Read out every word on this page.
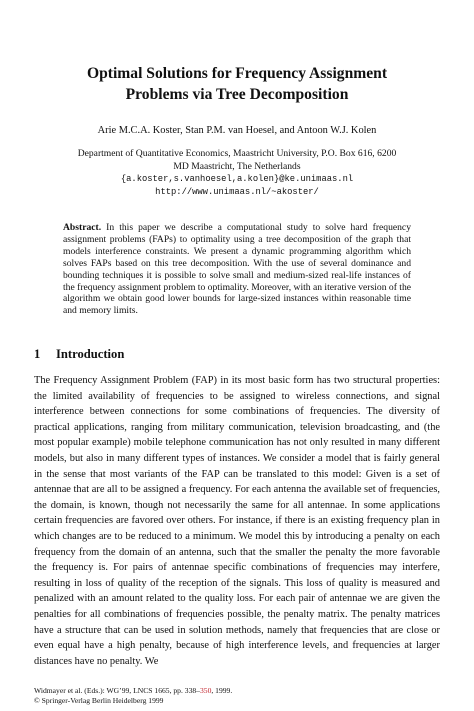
Optimal Solutions for Frequency Assignment
Problems via Tree Decomposition
Arie M.C.A. Koster, Stan P.M. van Hoesel, and Antoon W.J. Kolen
Department of Quantitative Economics, Maastricht University, P.O. Box 616, 6200
MD Maastricht, The Netherlands
{a.koster,s.vanhoesel,a.kolen}@ke.unimaas.nl
http://www.unimaas.nl/~akoster/
Abstract. In this paper we describe a computational study to solve hard frequency assignment problems (FAPs) to optimality using a tree decomposition of the graph that models interference constraints. We present a dynamic programming algorithm which solves FAPs based on this tree decomposition. With the use of several dominance and bounding techniques it is possible to solve small and medium-sized real-life instances of the frequency assignment problem to optimality. Moreover, with an iterative version of the algorithm we obtain good lower bounds for large-sized instances within reasonable time and memory limits.
1 Introduction
The Frequency Assignment Problem (FAP) in its most basic form has two structural properties: the limited availability of frequencies to be assigned to wireless connections, and signal interference between connections for some combinations of frequencies. The diversity of practical applications, ranging from military communication, television broadcasting, and (the most popular example) mobile telephone communication has not only resulted in many different models, but also in many different types of instances. We consider a model that is fairly general in the sense that most variants of the FAP can be translated to this model: Given is a set of antennae that are all to be assigned a frequency. For each antenna the available set of frequencies, the domain, is known, though not necessarily the same for all antennae. In some applications certain frequencies are favored over others. For instance, if there is an existing frequency plan in which changes are to be reduced to a minimum. We model this by introducing a penalty on each frequency from the domain of an antenna, such that the smaller the penalty the more favorable the frequency is. For pairs of antennae specific combinations of frequencies may interfere, resulting in loss of quality of the reception of the signals. This loss of quality is measured and penalized with an amount related to the quality loss. For each pair of antennae we are given the penalties for all combinations of frequencies possible, the penalty matrix. The penalty matrices have a structure that can be used in solution methods, namely that frequencies that are close or even equal have a high penalty, because of high interference levels, and frequencies at larger distances have no penalty. We
Widmayer et al. (Eds.): WG’99, LNCS 1665, pp. 338–350, 1999.
© Springer-Verlag Berlin Heidelberg 1999
